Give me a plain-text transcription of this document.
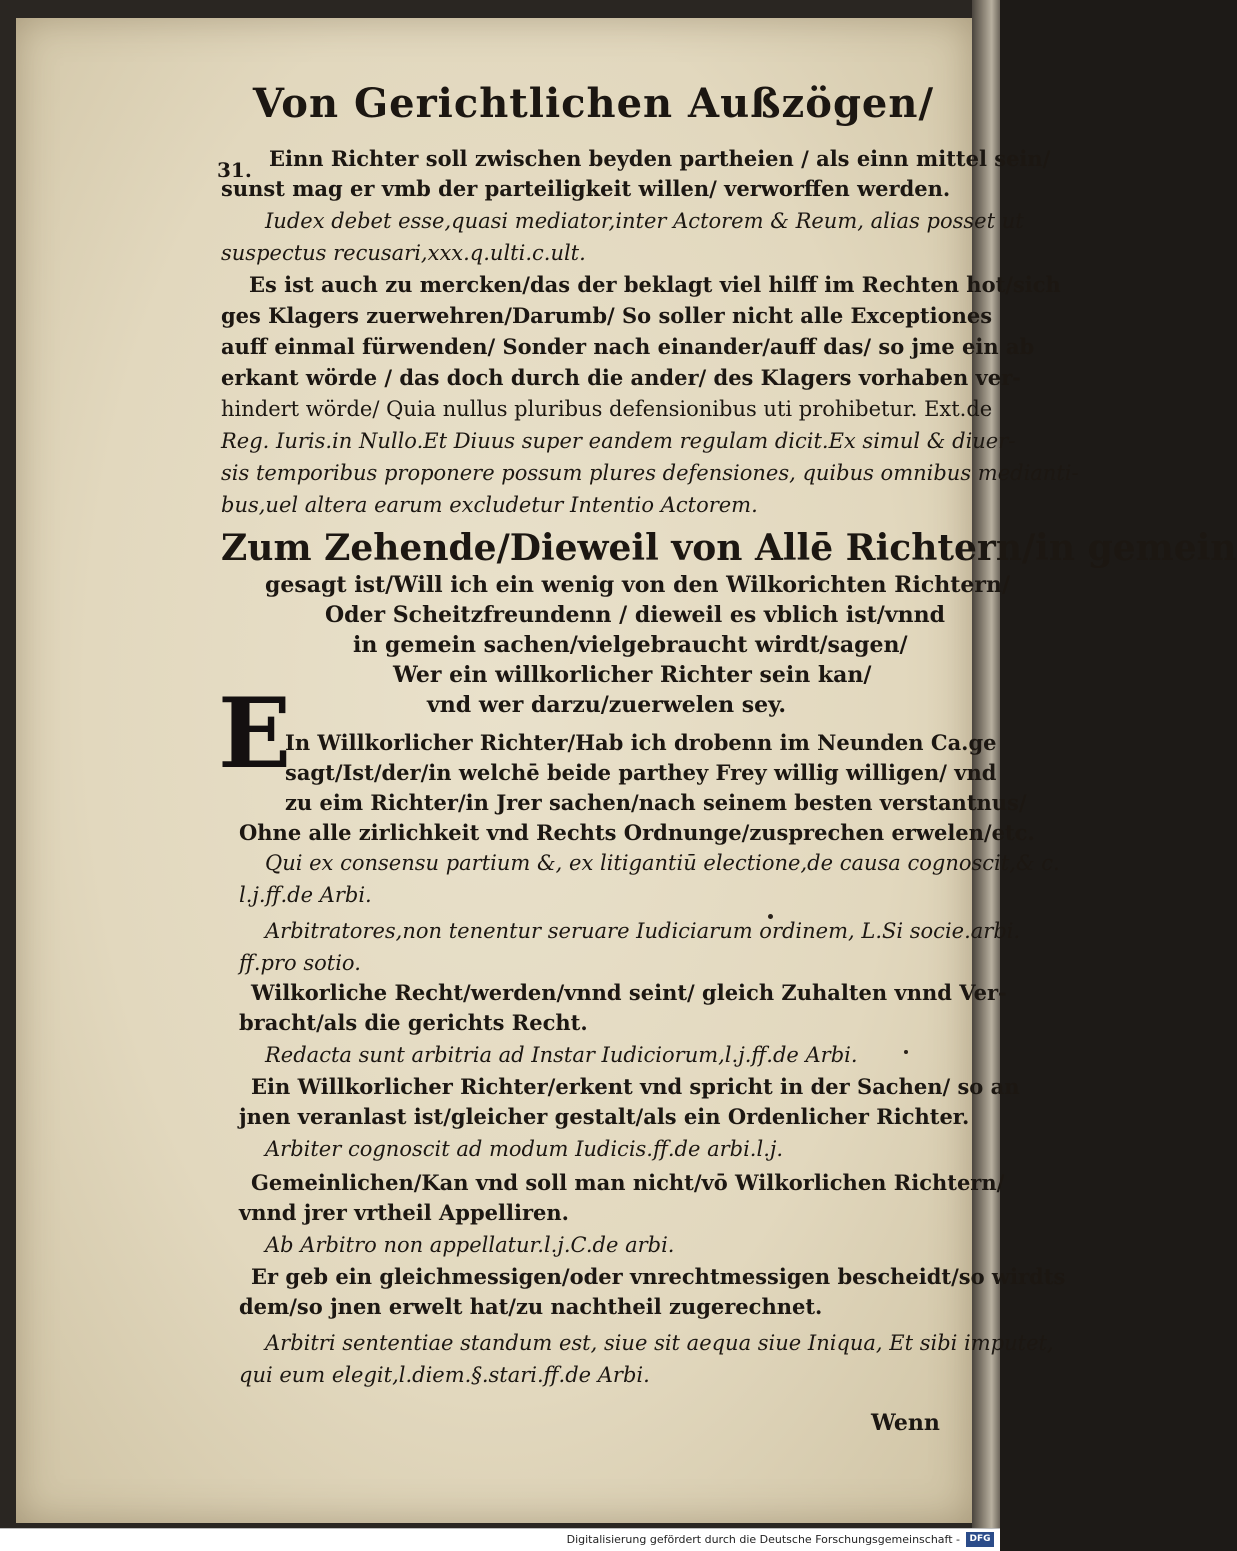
Von Gerichtlichen Außzögen/
31. Einn Richter soll zwischen beyden partheien / als einn mittel sein/
sunst mag er vmb der parteiligkeit willen/ verworffen werden.
Iudex debet esse,quasi mediator,inter Actorem & Reum, alias posset ut
suspectus recusari,xxx.q.ulti.c.ult.
Es ist auch zu mercken/das der beklagt viel hilff im Rechten hot/sich
ges Klagers zuerwehren/Darumb/ So soller nicht alle Exceptiones
auff einmal fürwenden/ Sonder nach einander/auff das/ so jme ein ab
erkant wörde / das doch durch die ander/ des Klagers vorhaben ver-
hindert wörde/ Quia nullus pluribus defensionibus uti prohibetur. Ext.de
Reg. Iuris.in Nullo.Et Diuus super eandem regulam dicit.Ex simul & diuer-
sis temporibus proponere possum plures defensiones, quibus omnibus medianti-
bus,uel altera earum excludetur Intentio Actorem.
Zum Zehende/Dieweil von Allē Richtern/in gemein
gesagt ist/Will ich ein wenig von den Wilkorichten Richtern/
Oder Scheitzfreundenn / dieweil es vblich ist/vnnd
in gemein sachen/vielgebraucht wirdt/sagen/
Wer ein willkorlicher Richter sein kan/
vnd wer darzu/zuerwelen sey.
In Willkorlicher Richter/Hab ich drobenn im Neunden Ca.ge
sagt/Ist/der/in welchē beide parthey Frey willig willigen/ vnd
zu eim Richter/in Jrer sachen/nach seinem besten verstantnus/
Ohne alle zirlichkeit vnd Rechts Ordnunge/zusprechen erwelen/etc.
Qui ex consensu partium &, ex litigantiū electione,de causa cognoscit,& c.
l.j.ff.de Arbi.
Arbitratores,non tenentur seruare Iudiciarum ordinem, L.Si socie.arbi.
ff.pro sotio.
Wilkorliche Recht/werden/vnnd seint/ gleich Zuhalten vnnd Ver-
bracht/als die gerichts Recht.
Redacta sunt arbitria ad Instar Iudiciorum,l.j.ff.de Arbi.
Ein Willkorlicher Richter/erkent vnd spricht in der Sachen/ so an
jnen veranlast ist/gleicher gestalt/als ein Ordenlicher Richter.
Arbiter cognoscit ad modum Iudicis.ff.de arbi.l.j.
Gemeinlichen/Kan vnd soll man nicht/vō Wilkorlichen Richtern/
vnnd jrer vrtheil Appelliren.
Ab Arbitro non appellatur.l.j.C.de arbi.
Er geb ein gleichmessigen/oder vnrechtmessigen bescheidt/so wirdts
dem/so jnen erwelt hat/zu nachtheil zugerechnet.
Arbitri sententiae standum est, siue sit aequa siue Iniqua, Et sibi imputet,
qui eum elegit,l.diem.§.stari.ff.de Arbi.
Wenn
E
Digitalisierung gefördert durch die Deutsche Forschungsgemeinschaft -	DFG
